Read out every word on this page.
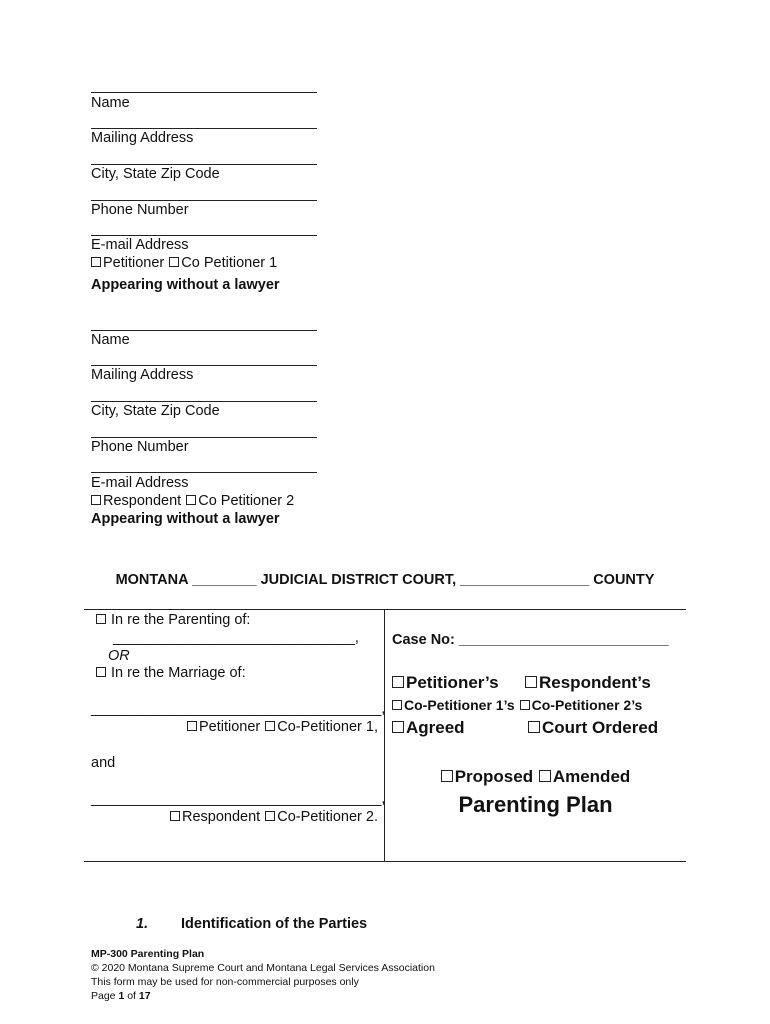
Name
Mailing Address
City, State Zip Code
Phone Number
E-mail Address
Petitioner Co Petitioner 1
Appearing without a lawyer
Name
Mailing Address
City, State Zip Code
Phone Number
E-mail Address
Respondent Co Petitioner 2
Appearing without a lawyer
MONTANA ________ JUDICIAL DISTRICT COURT, ________________ COUNTY
In re the Parenting of:
______________________________,
OR
In re the Marriage of:
____________________________________,
Petitioner Co-Petitioner 1,
and
____________________________________,
Respondent Co-Petitioner 2.
Case No: __________________________
Petitioner’s	Respondent’s
Co-Petitioner 1’s Co-Petitioner 2’s
Agreed	Court Ordered
Proposed Amended
Parenting Plan
1. Identification of the Parties
MP-300 Parenting Plan
© 2020 Montana Supreme Court and Montana Legal Services Association
This form may be used for non-commercial purposes only
Page 1 of 17
